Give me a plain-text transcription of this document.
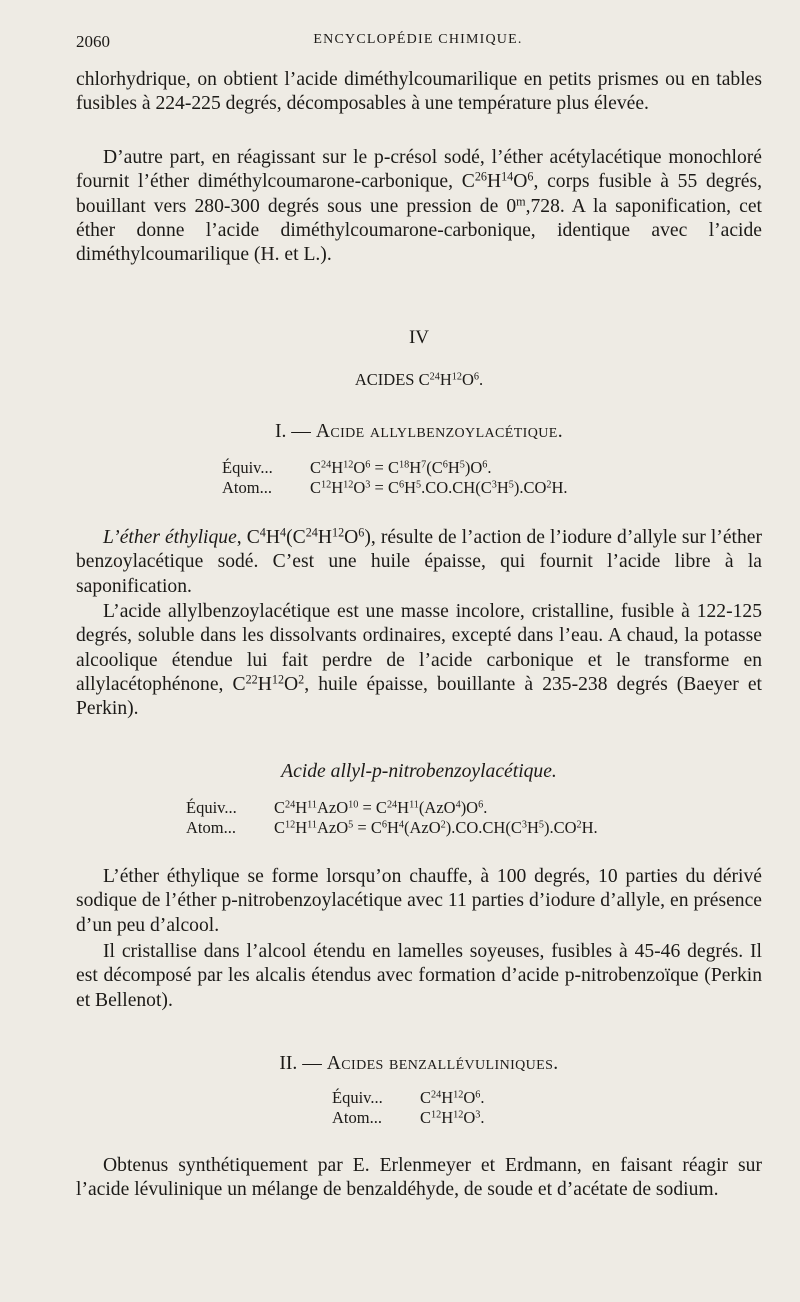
2060	ENCYCLOPÉDIE CHIMIQUE.

chlorhydrique, on obtient l’acide diméthylcoumarilique en petits prismes ou en tables fusibles à 224-225 degrés, décomposables à une température plus élevée.

D’autre part, en réagissant sur le p-crésol sodé, l’éther acétylacétique monochloré fournit l’éther diméthylcoumarone-carbonique, $C^{26}H^{14}O^6$, corps fusible à 55 degrés, bouillant vers 280-300 degrés sous une pression de 0$^m$,728. A la saponification, cet éther donne l’acide diméthylcoumarone-carbonique, identique avec l’acide diméthylcoumarilique (H. et L.).

IV
ACIDES $C^{24}H^{12}O^6$.
I. — Acide allylbenzoylacétique.
Équiv... $C^{24}H^{12}O^6 = C^{18}H^7(C^6H^5)O^6$.
Atom... $C^{12}H^{12}O^3 = C^6H^5.CO.CH(C^3H^5).CO^2H$.

L’éther éthylique, $C^4H^4(C^{24}H^{12}O^6)$, résulte de l’action de l’iodure d’allyle sur l’éther benzoylacétique sodé. C’est une huile épaisse, qui fournit l’acide libre à la saponification.

L’acide allylbenzoylacétique est une masse incolore, cristalline, fusible à 122-125 degrés, soluble dans les dissolvants ordinaires, excepté dans l’eau. A chaud, la potasse alcoolique étendue lui fait perdre de l’acide carbonique et le transforme en allylacétophénone, $C^{22}H^{12}O^2$, huile épaisse, bouillante à 235-238 degrés (Baeyer et Perkin).

Acide allyl-p-nitrobenzoylacétique.
Équiv... $C^{24}H^{11}AzO^{10} = C^{24}H^{11}(AzO^4)O^6$.
Atom... $C^{12}H^{11}AzO^5 = C^6H^4(AzO^2).CO.CH(C^3H^5).CO^2H$.

L’éther éthylique se forme lorsqu’on chauffe, à 100 degrés, 10 parties du dérivé sodique de l’éther p-nitrobenzoylacétique avec 11 parties d’iodure d’allyle, en présence d’un peu d’alcool.

Il cristallise dans l’alcool étendu en lamelles soyeuses, fusibles à 45-46 degrés. Il est décomposé par les alcalis étendus avec formation d’acide p-nitrobenzoïque (Perkin et Bellenot).

II. — Acides benzallévuliniques.
Équiv... $C^{24}H^{12}O^6$.
Atom... $C^{12}H^{12}O^3$.

Obtenus synthétiquement par E. Erlenmeyer et Erdmann, en faisant réagir sur l’acide lévulinique un mélange de benzaldéhyde, de soude et d’acétate de sodium.
